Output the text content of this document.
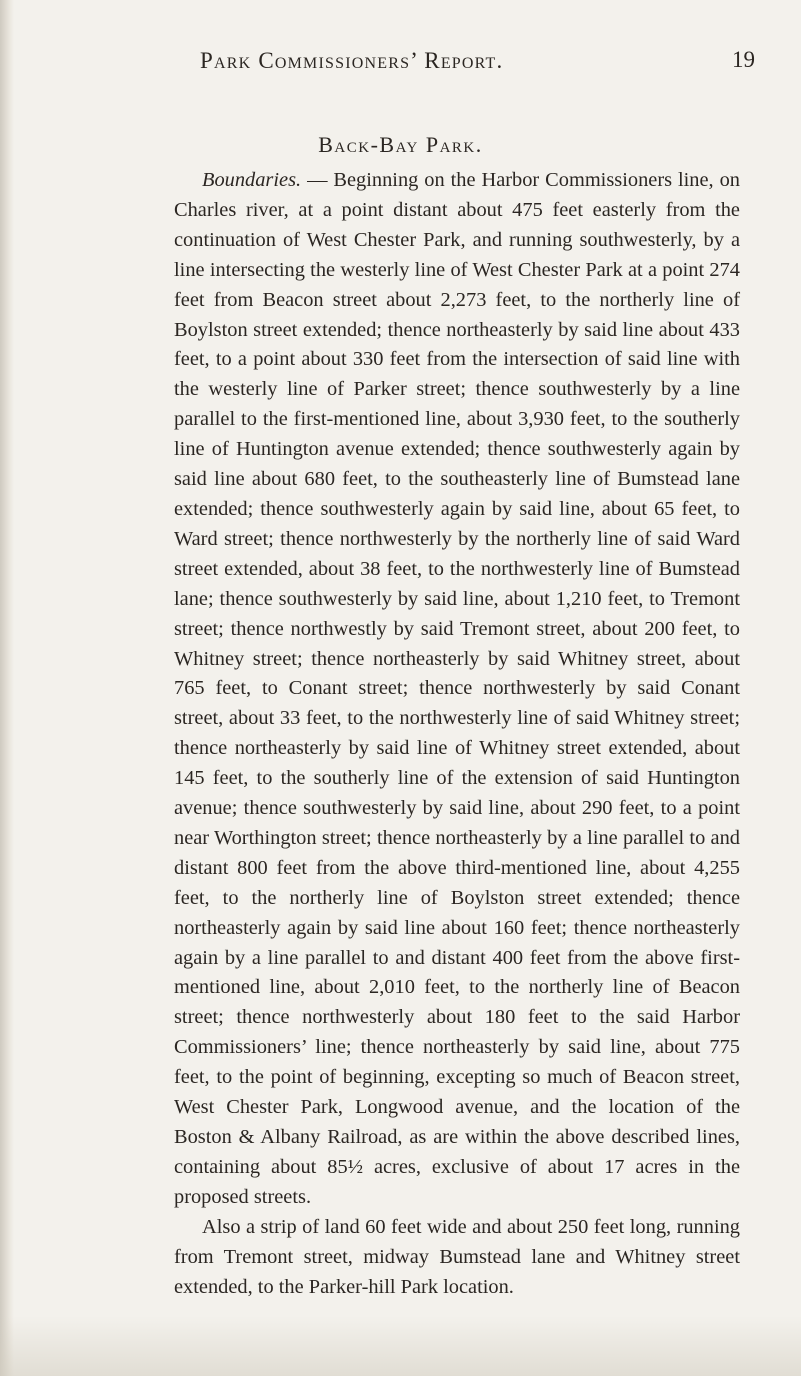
Park Commissioners’ Report.	19
Back-Bay Park.

Boundaries. — Beginning on the Harbor Commissioners line, on Charles river, at a point distant about 475 feet easterly from the continuation of West Chester Park, and running southwesterly, by a line intersecting the westerly line of West Chester Park at a point 274 feet from Beacon street about 2,273 feet, to the northerly line of Boylston street extended; thence northeasterly by said line about 433 feet, to a point about 330 feet from the intersection of said line with the westerly line of Parker street; thence southwesterly by a line parallel to the first-mentioned line, about 3,930 feet, to the southerly line of Huntington avenue extended; thence southwesterly again by said line about 680 feet, to the southeasterly line of Bumstead lane extended; thence southwesterly again by said line, about 65 feet, to Ward street; thence northwesterly by the northerly line of said Ward street extended, about 38 feet, to the northwesterly line of Bumstead lane; thence southwesterly by said line, about 1,210 feet, to Tremont street; thence northwestly by said Tremont street, about 200 feet, to Whitney street; thence northeasterly by said Whitney street, about 765 feet, to Conant street; thence northwesterly by said Conant street, about 33 feet, to the northwesterly line of said Whitney street; thence northeasterly by said line of Whitney street extended, about 145 feet, to the southerly line of the extension of said Huntington avenue; thence southwesterly by said line, about 290 feet, to a point near Worthington street; thence northeasterly by a line parallel to and distant 800 feet from the above third-mentioned line, about 4,255 feet, to the northerly line of Boylston street extended; thence northeasterly again by said line about 160 feet; thence northeasterly again by a line parallel to and distant 400 feet from the above first-mentioned line, about 2,010 feet, to the northerly line of Beacon street; thence northwesterly about 180 feet to the said Harbor Commissioners’ line; thence northeasterly by said line, about 775 feet, to the point of beginning, excepting so much of Beacon street, West Chester Park, Longwood avenue, and the location of the Boston & Albany Railroad, as are within the above described lines, containing about 85½ acres, exclusive of about 17 acres in the proposed streets.

Also a strip of land 60 feet wide and about 250 feet long, running from Tremont street, midway Bumstead lane and Whitney street extended, to the Parker-hill Park location.
